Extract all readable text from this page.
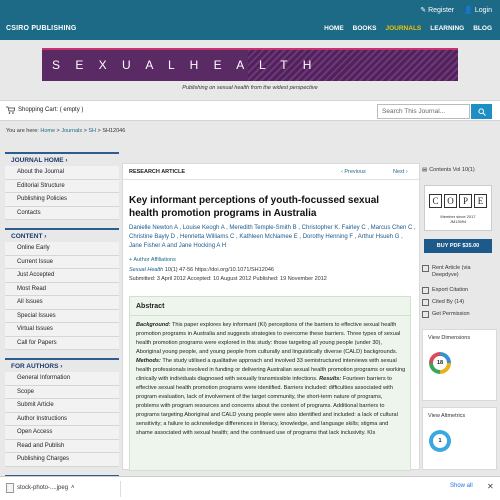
✎ Register 👤 Login
CSIRO PUBLISHING	HOME BOOKS JOURNALS LEARNING BLOG
S E X U A L H E A L T H
Publishing on sexual health from the widest perspective
Shopping Cart: ( empty )	Search This Journal...
You are here: Home > Journals > SH > SH12046
JOURNAL HOME ›
About the Journal
Editorial Structure
Publishing Policies
Contacts
CONTENT ›
Online Early
Current Issue
Just Accepted
Most Read
All Issues
Special Issues
Virtual Issues
Call for Papers
FOR AUTHORS ›
General Information
Scope
Submit Article
Author Instructions
Open Access
Read and Publish
Publishing Charges
RESEARCH ARTICLE	‹ Previous	Next ›
Key informant perceptions of youth-focussed sexual health promotion programs in Australia
Danielle Newton A , Louise Keogh A , Meredith Temple-Smith B , Christopher K. Fairley C , Marcus Chen C , Christine Bayly D , Henrietta Williams C , Kathleen McNamee E , Dorothy Henning F , Arthur Hsueh G , Jane Fisher A and Jane Hocking A H
+ Author Affiliations
Sexual Health 10(1) 47-56 https://doi.org/10.1071/SH12046
Submitted: 3 April 2012 Accepted: 10 August 2012 Published: 19 November 2012
Abstract
Background: This paper explores key informant (KI) perceptions of the barriers to effective sexual health promotion programs in Australia and suggests strategies to overcome these barriers. Three types of sexual health promotion programs were explored in this study: those targeting all young people (under 30), Aboriginal young people, and young people from culturally and linguistically diverse (CALD) backgrounds. Methods: The study utilised a qualitative approach and involved 33 semistructured interviews with sexual health professionals involved in funding or delivering Australian sexual health promotion programs or working clinically with individuals diagnosed with sexually transmissible infections. Results: Fourteen barriers to effective sexual health promotion programs were identified. Barriers included: difficulties associated with program evaluation, lack of involvement of the target community, the short-term nature of programs, problems with program resources and concerns about the content of programs. Additional barriers to programs targeting Aboriginal and CALD young people were also identified and included: a lack of cultural sensitivity; a failure to acknowledge differences in literacy, knowledge, and language skills; stigma and shame associated with sexual health; and the continued use of programs that lack inclusivity. KIs
▤ Contents Vol 10(1)
C O	P	E
Member since 2017
JM13994
BUY PDF $35.00
Rent Article (via Deepdyve)
Export Citation
Cited By (14)
Get Permission
View Dimensions
18
View Altmetrics
1
stock-photo-....jpeg ˄	Show all ✕
